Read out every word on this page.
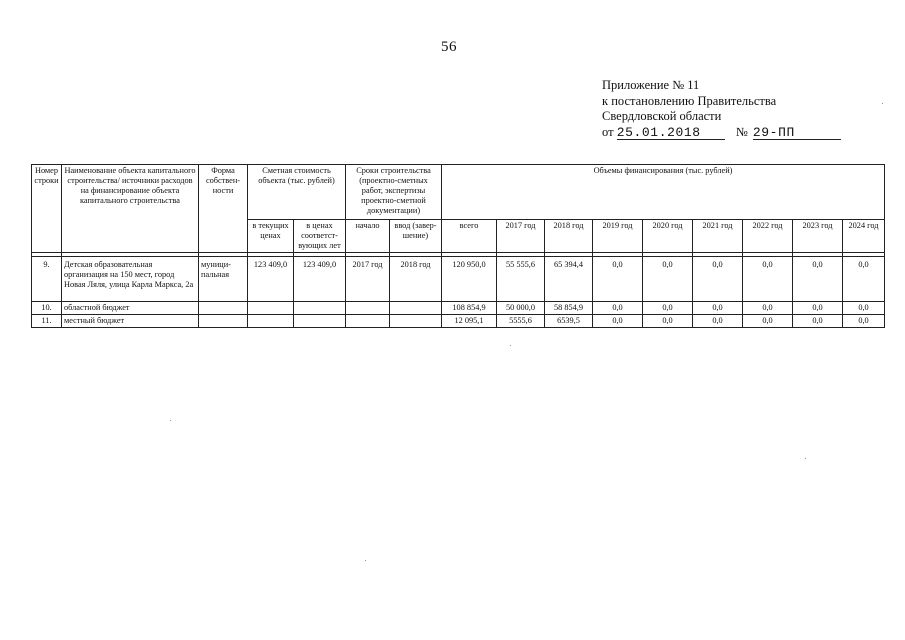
56
Приложение № 11
к постановлению Правительства
Свердловской области
от 25.01.2018	№ 29-ПП
Номер строки	Наименование объекта капитального строительства/ источники расходов на финансирование объекта капитального строительства	Форма собствен-ности	Сметная стоимость объекта (тыс. рублей)		Сроки строительства (проектно-сметных работ, экспертизы проектно-сметной документации)		Объемы финансирования (тыс. рублей)								
			в текущих ценах	в ценах соответст-вующих лет	начало	ввод (завер-шение)	всего	2017 год	2018 год	2019 год	2020 год	2021 год	2022 год	2023 год	2024 год

9.	Детская образовательная организация на 150 мест, город Новая Ляля, улица Карла Маркса, 2а	муници-пальная	123 409,0	123 409,0	2017 год	2018 год	120 950,0	55 555,6	65 394,4	0,0	0,0	0,0	0,0	0,0	0,0
10.	областной бюджет						108 854,9	50 000,0	58 854,9	0,0	0,0	0,0	0,0	0,0	0,0
11.	местный бюджет						12 095,1	5555,6	6539,5	0,0	0,0	0,0	0,0	0,0	0,0
